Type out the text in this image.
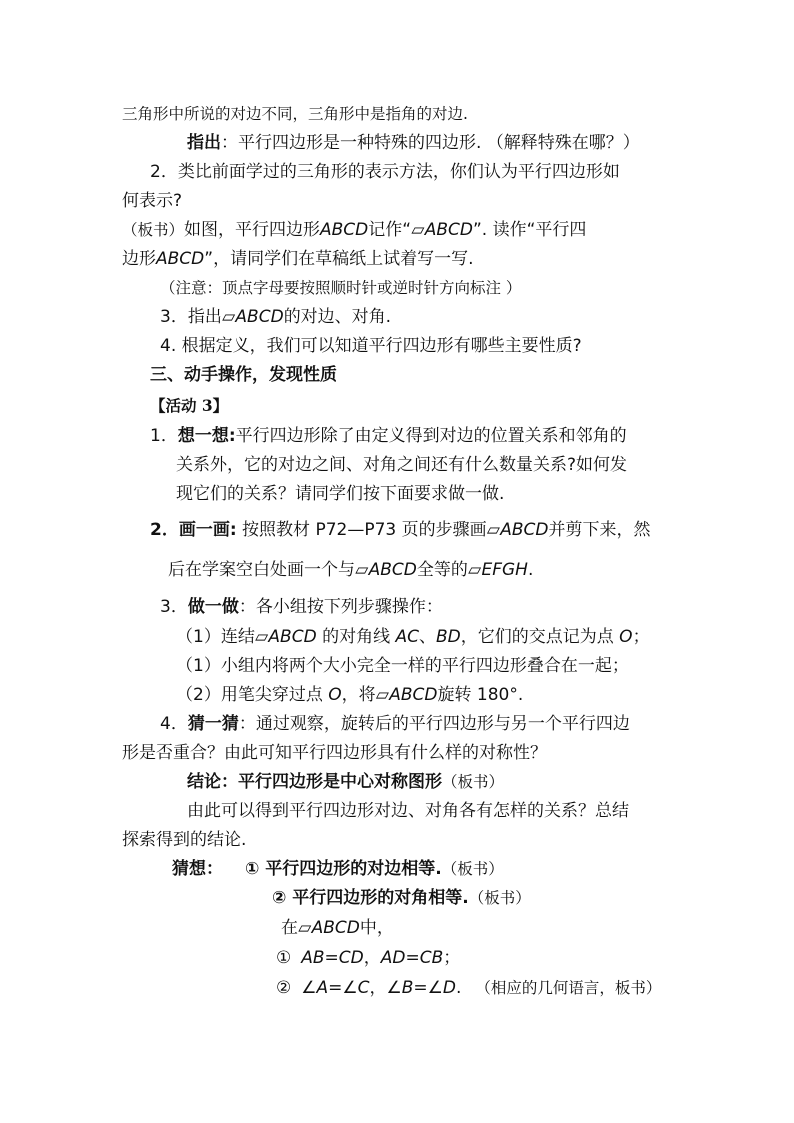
三角形中所说的对边不同，三角形中是指角的对边.
指出：平行四边形是一种特殊的四边形. （解释特殊在哪？）
2．类比前面学过的三角形的表示方法，你们认为平行四边形如
何表示?
（板书）如图，平行四边形ABCD记作“▱ABCD”. 读作“平行四
边形ABCD”，请同学们在草稿纸上试着写一写.
（注意：顶点字母要按照顺时针或逆时针方向标注 ）
3．指出▱ABCD的对边、对角.
4. 根据定义，我们可以知道平行四边形有哪些主要性质?
三、动手操作，发现性质
【活动 3】
1．想一想:平行四边形除了由定义得到对边的位置关系和邻角的
关系外，它的对边之间、对角之间还有什么数量关系?如何发
现它们的关系？请同学们按下面要求做一做.
2．画一画: 按照教材 P72—P73 页的步骤画▱ABCD并剪下来，然
后在学案空白处画一个与▱ABCD全等的▱EFGH.
3．做一做：各小组按下列步骤操作：
（1）连结▱ABCD 的对角线 AC、BD，它们的交点记为点 O；
（1）小组内将两个大小完全一样的平行四边形叠合在一起；
（2）用笔尖穿过点 O，将▱ABCD旋转 180°.
4．猜一猜：通过观察，旋转后的平行四边形与另一个平行四边
形是否重合？由此可知平行四边形具有什么样的对称性？
结论：平行四边形是中心对称图形（板书）
由此可以得到平行四边形对边、对角各有怎样的关系？总结
探索得到的结论.
猜想： ① 平行四边形的对边相等.（板书）
② 平行四边形的对角相等.（板书）
在▱ABCD中，
① AB=CD，AD=CB；
② ∠A=∠C，∠B=∠D. （相应的几何语言，板书）
